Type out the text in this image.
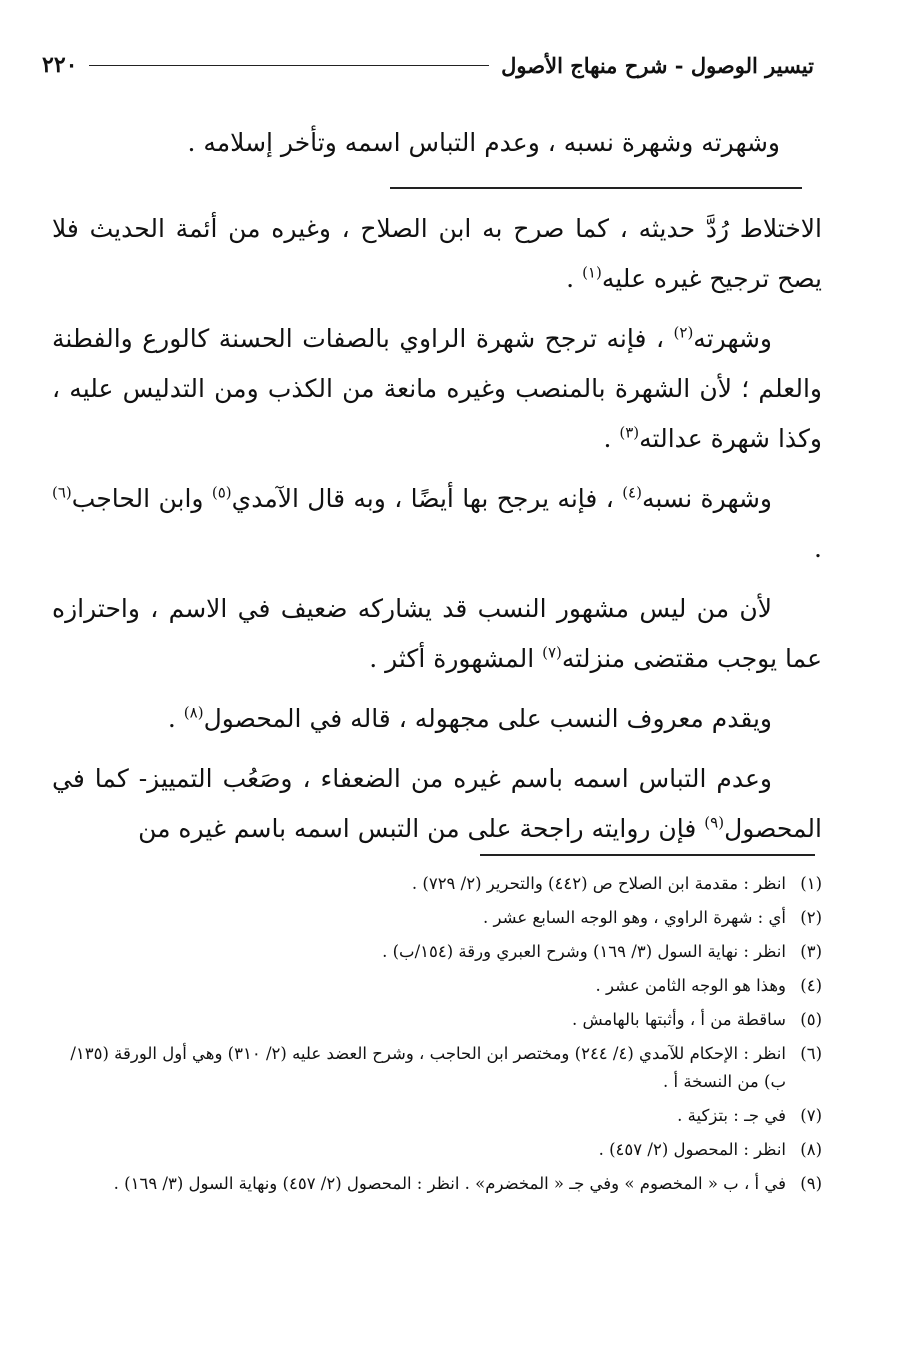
تيسير الوصول - شرح منهاج الأصول
٢٢٠
وشهرته وشهرة نسبه ، وعدم التباس اسمه وتأخر إسلامه .

الاختلاط رُدَّ حديثه ، كما صرح به ابن الصلاح ، وغيره من أئمة الحديث فلا يصح ترجيح غيره عليه$^{(١)}$ .

وشهرته$^{(٢)}$ ، فإنه ترجح شهرة الراوي بالصفات الحسنة كالورع والفطنة والعلم ؛ لأن الشهرة بالمنصب وغيره مانعة من الكذب ومن التدليس عليه ، وكذا شهرة عدالته$^{(٣)}$ .

وشهرة نسبه$^{(٤)}$ ، فإنه يرجح بها أيضًا ، وبه قال الآمدي$^{(٥)}$ وابن الحاجب$^{(٦)}$ .

لأن من ليس مشهور النسب قد يشاركه ضعيف في الاسم ، واحترازه عما يوجب مقتضى منزلته$^{(٧)}$ المشهورة أكثر .

ويقدم معروف النسب على مجهوله ، قاله في المحصول$^{(٨)}$ .

وعدم التباس اسمه باسم غيره من الضعفاء ، وصَعُب التمييز- كما في المحصول$^{(٩)}$ فإن روايته راجحة على من التبس اسمه باسم غيره من

(١)
انظر : مقدمة ابن الصلاح ص (٤٤٢) والتحرير (٢/ ٧٢٩) .
(٢)
أي : شهرة الراوي ، وهو الوجه السابع عشر .
(٣)
انظر : نهاية السول (٣/ ١٦٩) وشرح العبري ورقة (١٥٤/ب) .
(٤)
وهذا هو الوجه الثامن عشر .
(٥)
ساقطة من أ ، وأثبتها بالهامش .
(٦)
انظر : الإحكام للآمدي (٤/ ٢٤٤) ومختصر ابن الحاجب ، وشرح العضد عليه (٢/ ٣١٠) وهي أول الورقة (١٣٥/ب) من النسخة أ .
(٧)
في جـ : بتزكية .
(٨)
انظر : المحصول (٢/ ٤٥٧) .
(٩)
في أ ، ب « المخصوم » وفي جـ « المخضرم» . انظر : المحصول (٢/ ٤٥٧) ونهاية السول (٣/ ١٦٩) .
